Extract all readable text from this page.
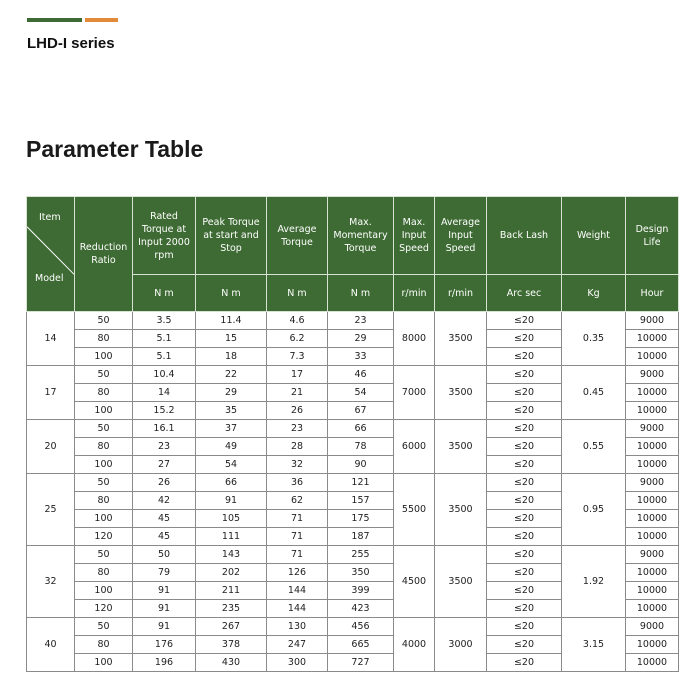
LHD-I series
Parameter Table
Item
Model	Reduction Ratio	Rated Torque at Input 2000 rpm	Peak Torque at start and Stop	Average Torque	Max. Momentary Torque	Max. Input Speed	Average Input Speed	Back Lash	Weight	Design Life
		N m	N m	N m	N m	r/min	r/min	Arc sec	Kg	Hour
14	50	3.5	11.4	4.6	23	8000	3500	≤20	0.35	9000
	80	5.1	15	6.2	29			≤20		10000
	100	5.1	18	7.3	33			≤20		10000
17	50	10.4	22	17	46	7000	3500	≤20	0.45	9000
	80	14	29	21	54			≤20		10000
	100	15.2	35	26	67			≤20		10000
20	50	16.1	37	23	66	6000	3500	≤20	0.55	9000
	80	23	49	28	78			≤20		10000
	100	27	54	32	90			≤20		10000
25	50	26	66	36	121	5500	3500	≤20	0.95	9000
	80	42	91	62	157			≤20		10000
	100	45	105	71	175			≤20		10000
	120	45	111	71	187			≤20		10000
32	50	50	143	71	255	4500	3500	≤20	1.92	9000
	80	79	202	126	350			≤20		10000
	100	91	211	144	399			≤20		10000
	120	91	235	144	423			≤20		10000
40	50	91	267	130	456	4000	3000	≤20	3.15	9000
	80	176	378	247	665			≤20		10000
	100	196	430	300	727			≤20		10000
